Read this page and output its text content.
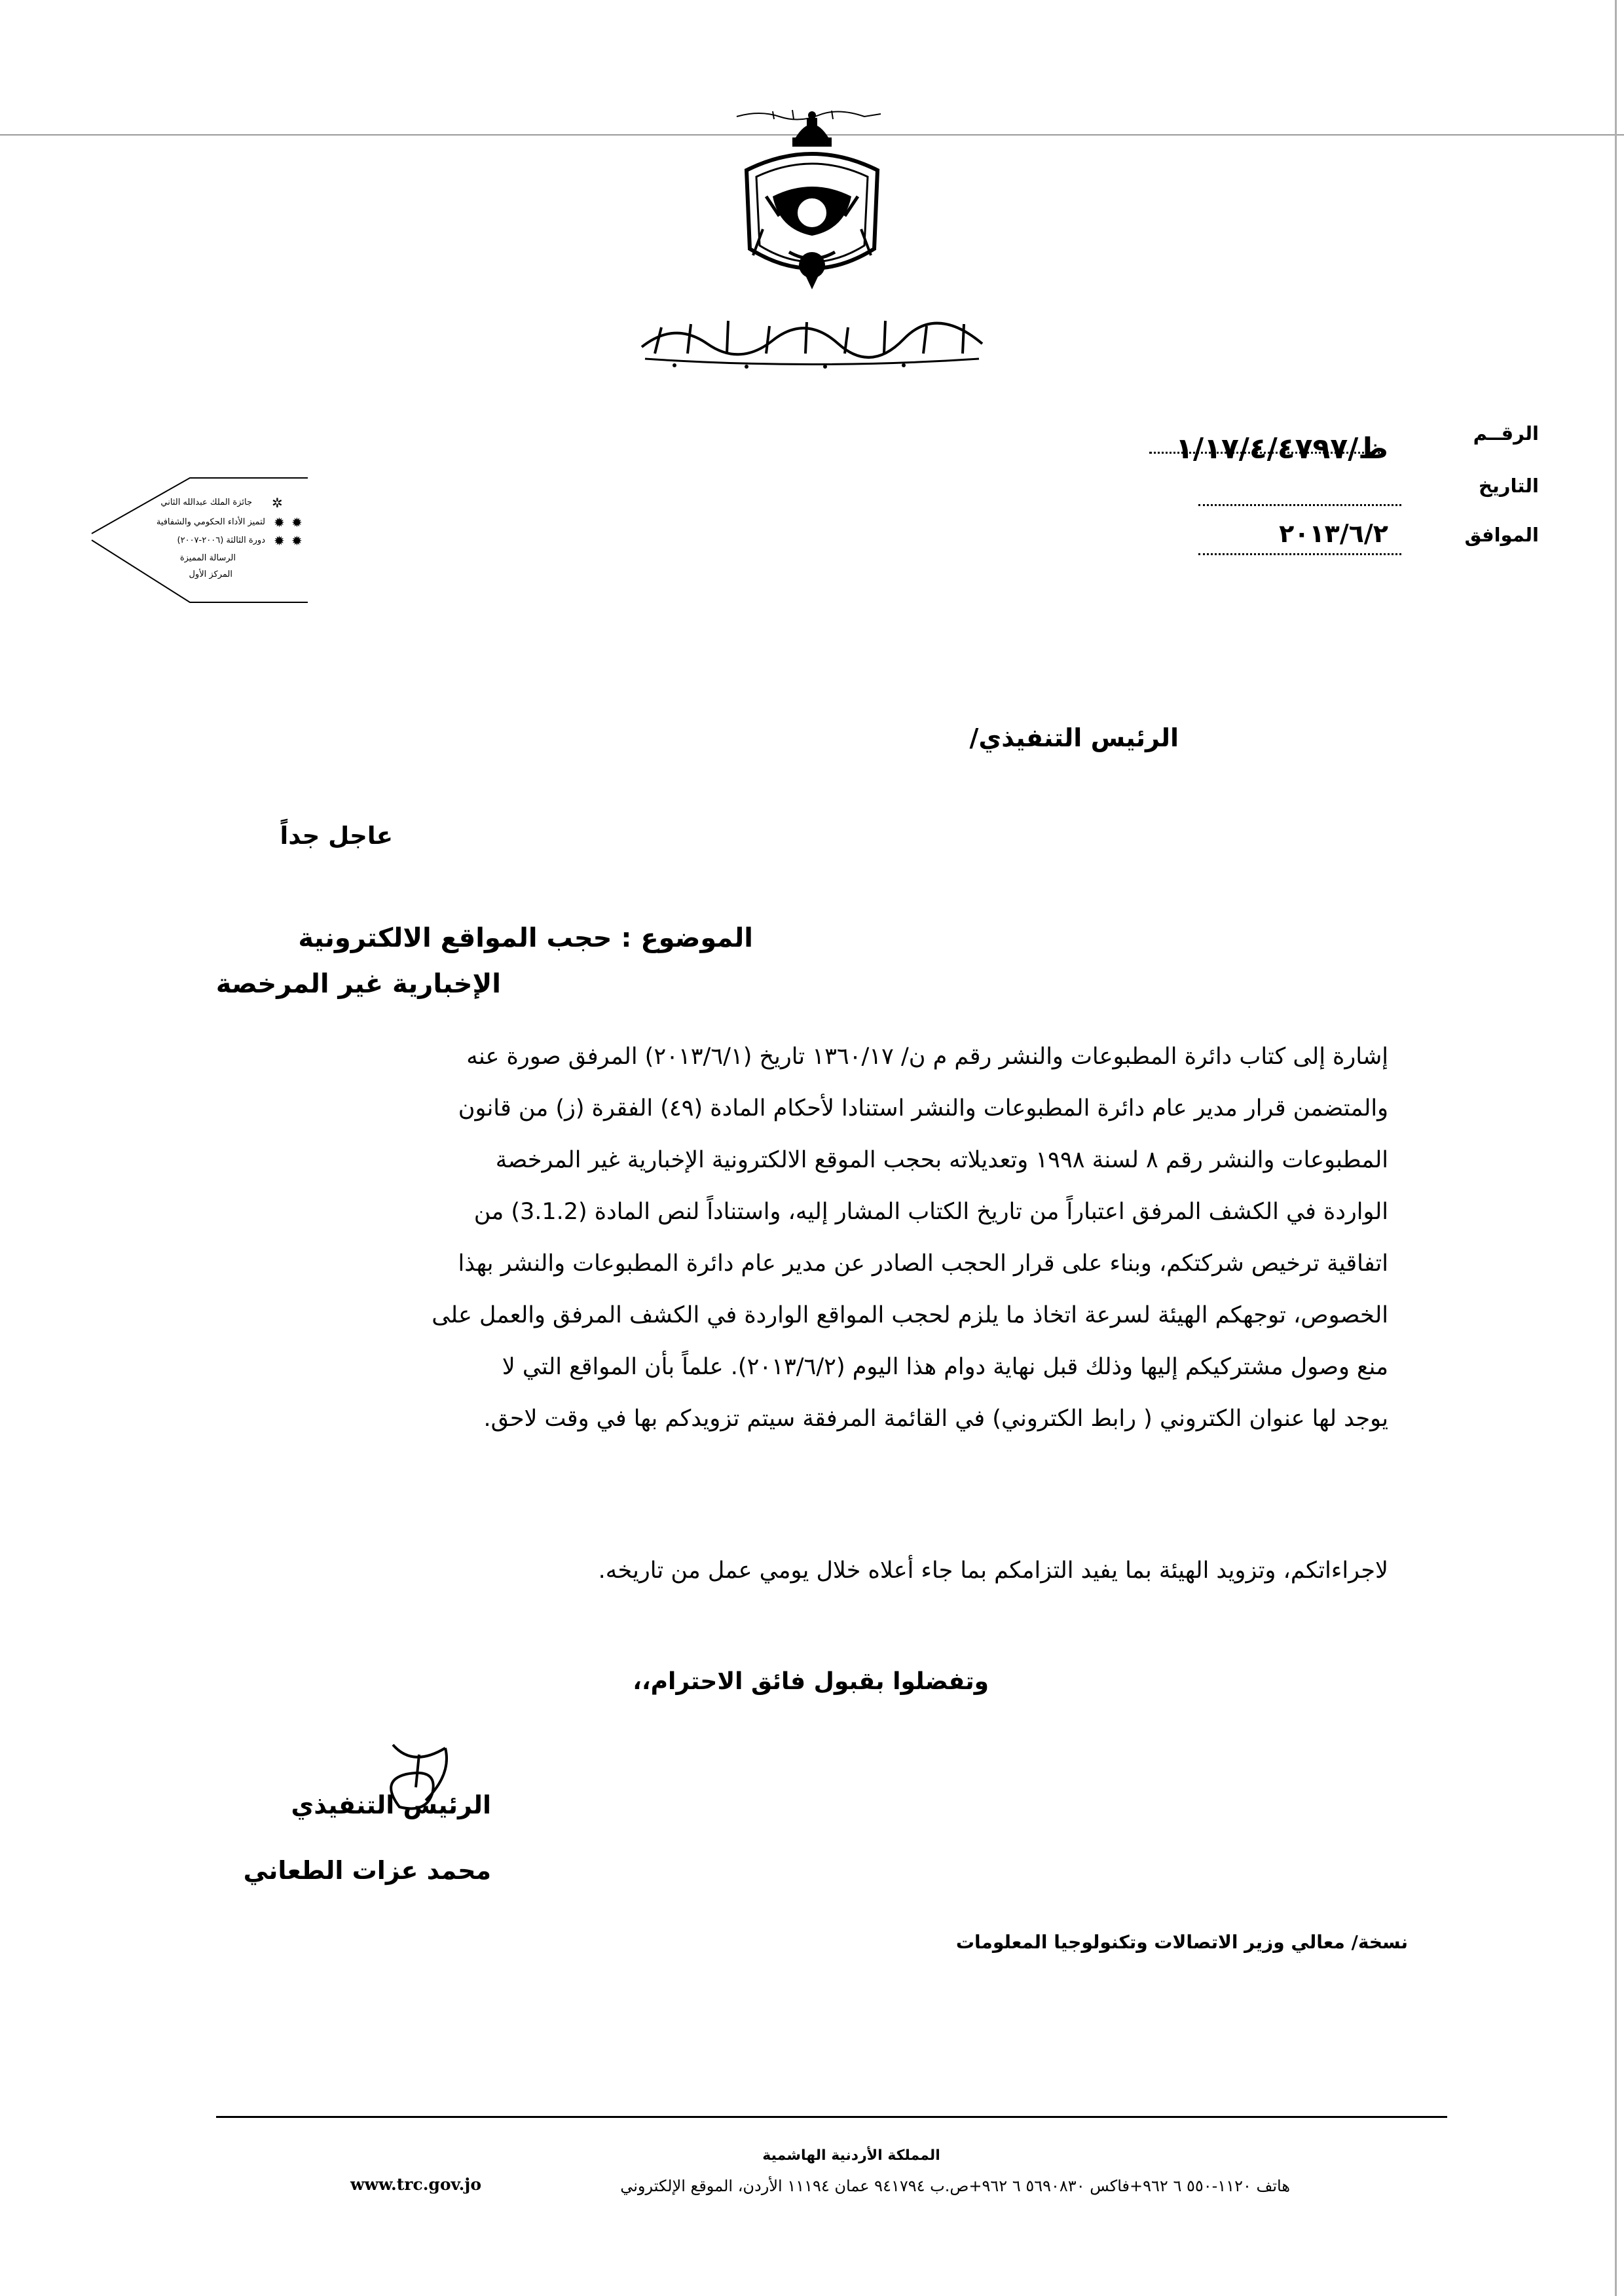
الرقــم
ظ/١/١٧/٤/٤٧٩٧
التاريخ
الموافق
٢٠١٣/٦/٢
✲
✹ ✹
✹ ✹
جائزة الملك عبدالله الثاني
لتميز الأداء الحكومي والشفافية
دورة الثالثة (٢٠٠٦-٢٠٠٧)
الرسالة المميزة
المركز الأول
الرئيس التنفيذي/
عاجل جداً
الموضوع : حجب المواقع الالكترونية
الإخبارية غير المرخصة
إشارة إلى كتاب دائرة المطبوعات والنشر رقم م ن/ ١٣٦٠/١٧ تاريخ (٢٠١٣/٦/١) المرفق صورة عنه
والمتضمن قرار مدير عام دائرة المطبوعات والنشر استنادا لأحكام المادة (٤٩) الفقرة (ز) من قانون
المطبوعات والنشر رقم ٨ لسنة ١٩٩٨ وتعديلاته بحجب الموقع الالكترونية الإخبارية غير المرخصة
الواردة في الكشف المرفق اعتباراً من تاريخ الكتاب المشار إليه، واستناداً لنص المادة (3.1.2) من
اتفاقية ترخيص شركتكم، وبناء على قرار الحجب الصادر عن مدير عام دائرة المطبوعات والنشر بهذا
الخصوص، توجهكم الهيئة لسرعة اتخاذ ما يلزم لحجب المواقع الواردة في الكشف المرفق والعمل على
منع وصول مشتركيكم إليها وذلك قبل نهاية دوام هذا اليوم (٢٠١٣/٦/٢). علماً بأن المواقع التي لا
يوجد لها عنوان الكتروني ( رابط الكتروني) في القائمة المرفقة سيتم تزويدكم بها في وقت لاحق.
لاجراءاتكم، وتزويد الهيئة بما يفيد التزامكم بما جاء أعلاه خلال يومي عمل من تاريخه.
وتفضلوا بقبول فائق الاحترام،،
الرئيس التنفيذي
محمد عزات الطعاني
نسخة/ معالي وزير الاتصالات وتكنولوجيا المعلومات
المملكة الأردنية الهاشمية
هاتف ١١٢٠-٥٥٠ ٦ ٩٦٢+فاكس ٥٦٩٠٨٣٠ ٦ ٩٦٢+ص.ب ٩٤١٧٩٤ عمان ١١١٩٤ الأردن، الموقع الإلكتروني
www.trc.gov.jo
